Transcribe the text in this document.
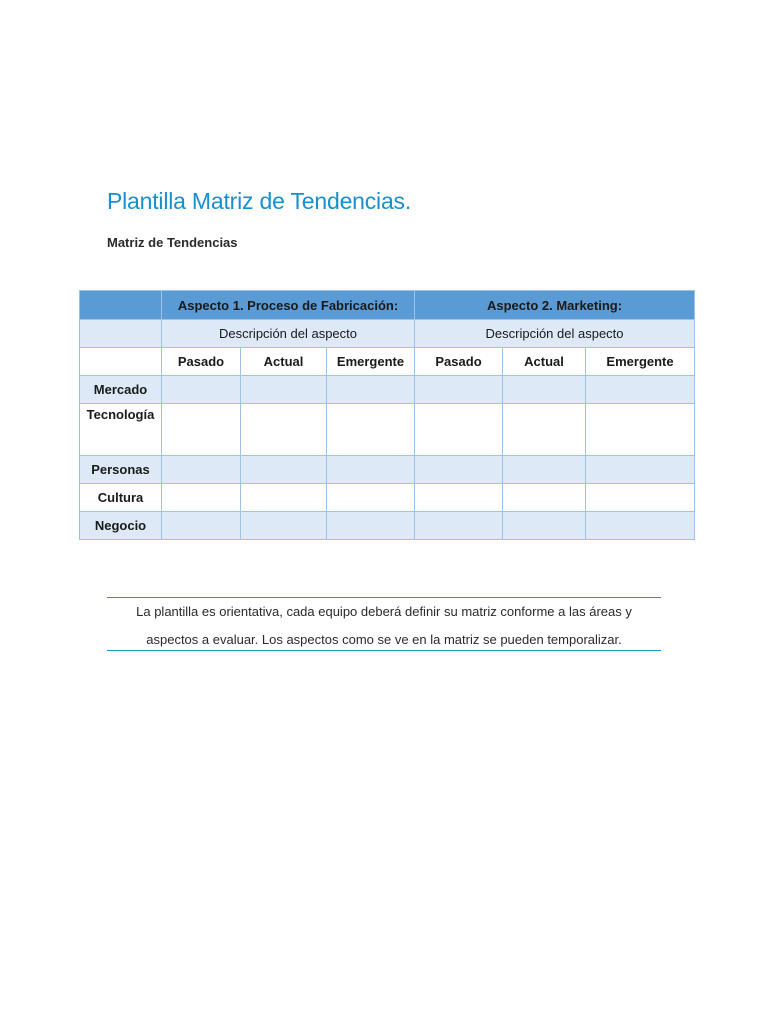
Plantilla Matriz de Tendencias.
Matriz de Tendencias
	Aspecto 1. Proceso de Fabricación:			Aspecto 2. Marketing:		
	Descripción del aspecto			Descripción del aspecto		
	Pasado	Actual	Emergente	Pasado	Actual	Emergente
Mercado						
Tecnología						
Personas						
Cultura						
Negocio						

La plantilla es orientativa, cada equipo deberá definir su matriz conforme a las áreas y

aspectos a evaluar. Los aspectos como se ve en la matriz se pueden temporalizar.
